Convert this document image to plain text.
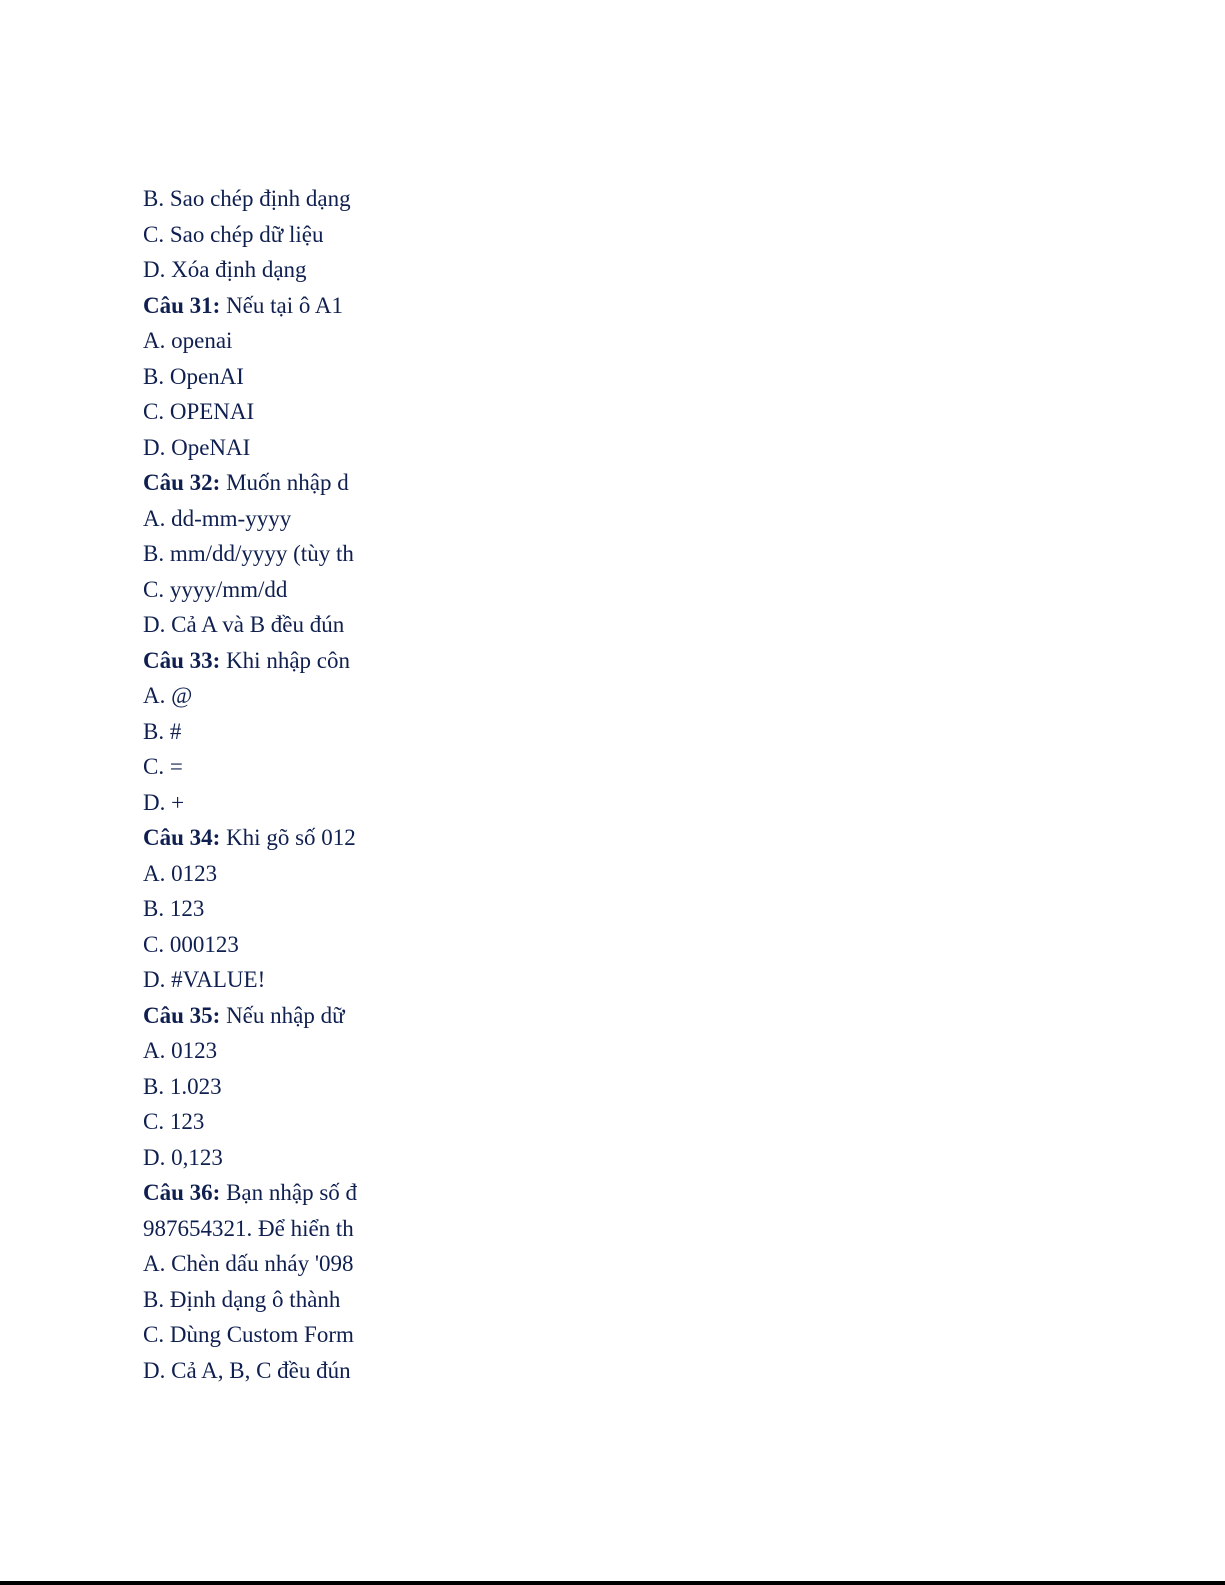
B. Sao chép định dạng
C. Sao chép dữ liệu
D. Xóa định dạng
Câu 31: Nếu tại ô A1
A. openai
B. OpenAI
C. OPENAI
D. OpeNAI
Câu 32: Muốn nhập d
A. dd-mm-yyyy
B. mm/dd/yyyy (tùy th
C. yyyy/mm/dd
D. Cả A và B đều đún
Câu 33: Khi nhập côn
A. @
B. #
C. =
D. +
Câu 34: Khi gõ số 012
A. 0123
B. 123
C. 000123
D. #VALUE!
Câu 35: Nếu nhập dữ
A. 0123
B. 1.023
C. 123
D. 0,123
Câu 36: Bạn nhập số đ
987654321. Để hiển th
A. Chèn dấu nháy '098
B. Định dạng ô thành
C. Dùng Custom Form
D. Cả A, B, C đều đún
